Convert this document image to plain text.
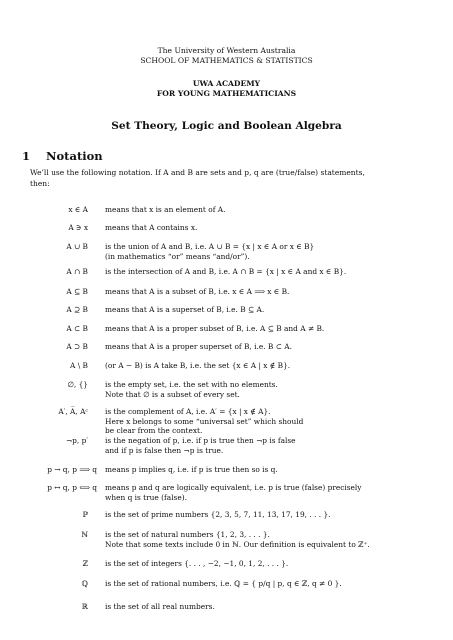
The University of Western Australia
SCHOOL OF MATHEMATICS & STATISTICS
UWA ACADEMY
FOR YOUNG MATHEMATICIANS
Set Theory, Logic and Boolean Algebra
1 Notation
We’ll use the following notation. If A and B are sets and p, q are (true/false) statements,
then:
x ∈ A means that x is an element of A.
A ∋ x means that A contains x.
A ∪ B is the union of A and B, i.e. A ∪ B = {x | x ∈ A or x ∈ B}
(in mathematics “or” means “and/or”).
A ∩ B is the intersection of A and B, i.e. A ∩ B = {x | x ∈ A and x ∈ B}.
A ⊆ B means that A is a subset of B, i.e. x ∈ A ⟹ x ∈ B.
A ⊇ B means that A is a superset of B, i.e. B ⊆ A.
A ⊂ B means that A is a proper subset of B, i.e. A ⊆ B and A ≠ B.
A ⊃ B means that A is a proper superset of B, i.e. B ⊂ A.
A \ B (or A − B) is A take B, i.e. the set {x ∈ A | x ∉ B}.
∅, {} is the empty set, i.e. the set with no elements.
Note that ∅ is a subset of every set.
A′, A̅, Aᶜ is the complement of A, i.e. A′ = {x | x ∉ A}.
Here x belongs to some “universal set” which should
be clear from the context.
¬p, p′ is the negation of p, i.e. if p is true then ¬p is false
and if p is false then ¬p is true.
p → q, p ⟹ q means p implies q, i.e. if p is true then so is q.
p ↔ q, p ⟺ q means p and q are logically equivalent, i.e. p is true (false) precisely
when q is true (false).
ℙ is the set of prime numbers {2, 3, 5, 7, 11, 13, 17, 19, . . . }.
ℕ is the set of natural numbers {1, 2, 3, . . . }.
Note that some texts include 0 in ℕ. Our definition is equivalent to ℤ⁺.
ℤ is the set of integers {. . . , −2, −1, 0, 1, 2, . . . }.
ℚ is the set of rational numbers, i.e. ℚ = { p/q | p, q ∈ ℤ, q ≠ 0 }.
ℝ is the set of all real numbers.
